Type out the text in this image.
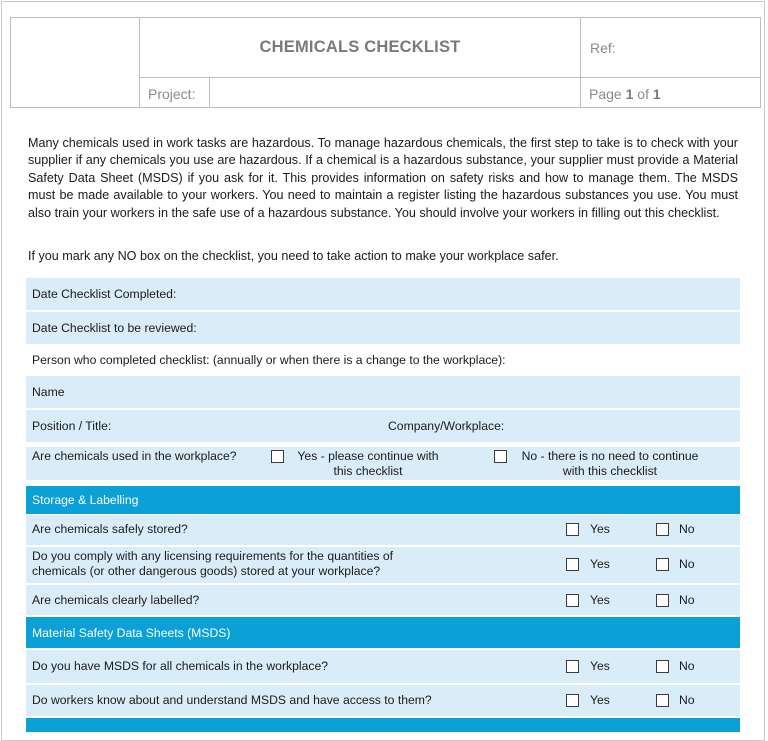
CHEMICALS CHECKLIST	Ref:
Project:	Page 1 of 1

Many chemicals used in work tasks are hazardous. To manage hazardous chemicals, the first step to take is to check with your supplier if any chemicals you use are hazardous. If a chemical is a hazardous substance, your supplier must provide a Material Safety Data Sheet (MSDS) if you ask for it. This provides information on safety risks and how to manage them. The MSDS must be made available to your workers. You need to maintain a register listing the hazardous substances you use. You must also train your workers in the safe use of a hazardous substance. You should involve your workers in filling out this checklist.

If you mark any NO box on the checklist, you need to take action to make your workplace safer.

Date Checklist Completed:
Date Checklist to be reviewed:
Person who completed checklist: (annually or when there is a change to the workplace):
Name
Position / Title:	Company/Workplace:
Are chemicals used in the workplace?	Yes - please continue with
this checklist
No - there is no need to continue
with this checklist
Storage & Labelling
Are chemicals safely stored?	Yes	No
Do you comply with any licensing requirements for the quantities of
chemicals (or other dangerous goods) stored at your workplace?	Yes	No
Are chemicals clearly labelled?	Yes	No
Material Safety Data Sheets (MSDS)
Do you have MSDS for all chemicals in the workplace?	Yes	No
Do workers know about and understand MSDS and have access to them?	Yes	No
